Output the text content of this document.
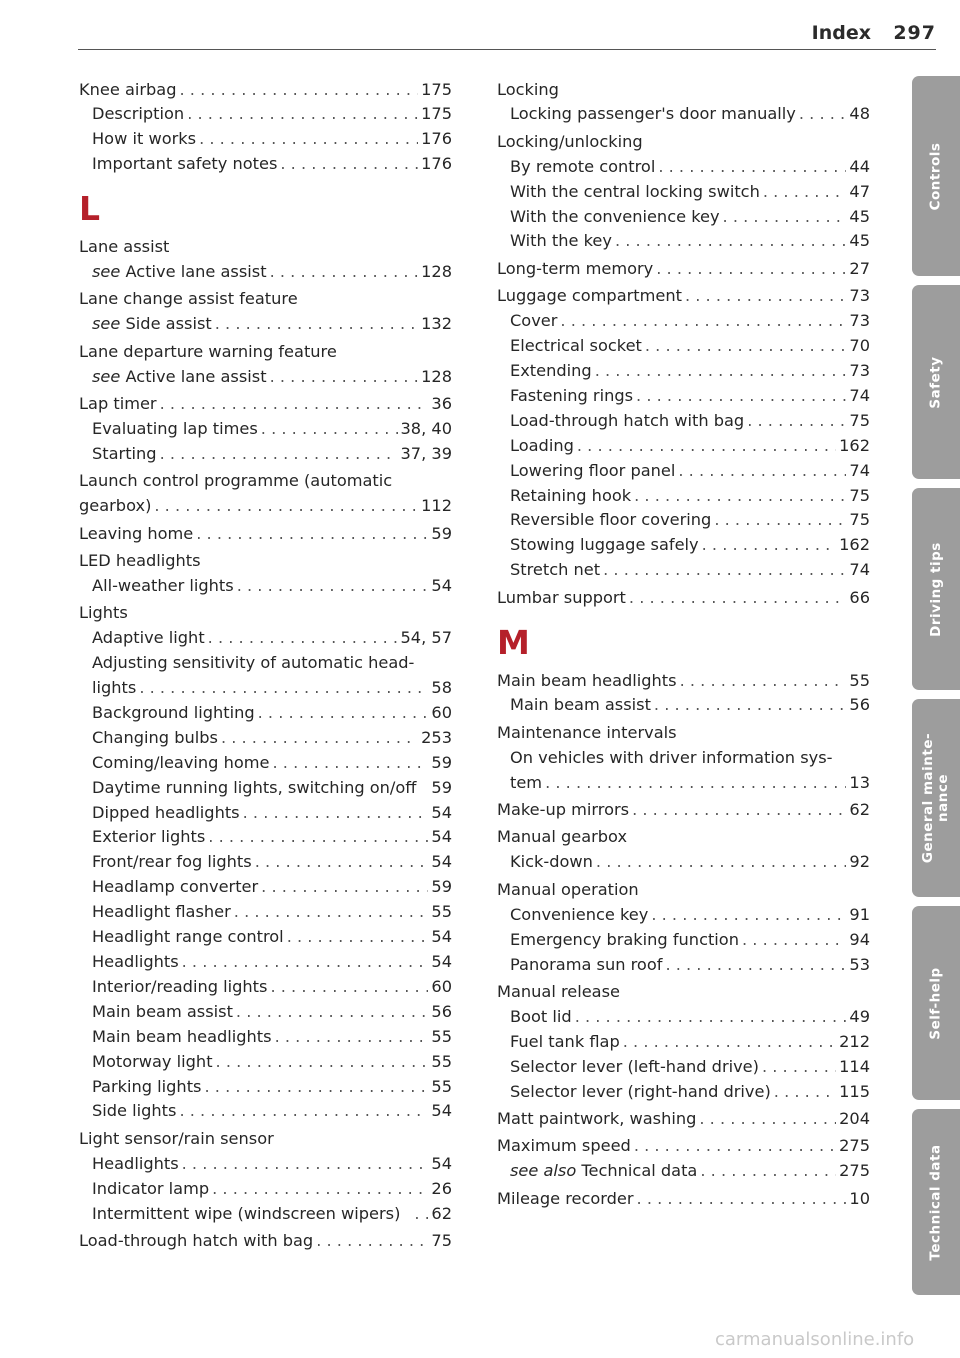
Index 297
Knee airbag . . .	175
Description . . .	175
How it works . . .	176
Important safety notes . . .	176
L
Lane assist
see Active lane assist . . .	128
Lane change assist feature
see Side assist . . .	132
Lane departure warning feature
see Active lane assist . . .	128
Lap timer . . .	36
Evaluating lap times . . .	38, 40
Starting . . .	37, 39
Launch control programme (automatic
gearbox) . . .	112
Leaving home . . .	59
LED headlights
All-weather lights . . .	54
Lights
Adaptive light . . .	54, 57
Adjusting sensitivity of automatic head-
lights . . .	58
Background lighting . . .	60
Changing bulbs . . .	253
Coming/leaving home . . .	59
Daytime running lights, switching on/off 59
Dipped headlights . . .	54
Exterior lights . . .	54
Front/rear fog lights . . .	54
Headlamp converter . . .	59
Headlight flasher . . .	55
Headlight range control . . .	54
Headlights . . .	54
Interior/reading lights . . .	60
Main beam assist . . .	56
Main beam headlights . . .	55
Motorway light . . .	55
Parking lights . . .	55
Side lights . . .	54
Light sensor/rain sensor
Headlights . . .	54
Indicator lamp . . .	26
Intermittent wipe (windscreen wipers) . . .	62
Load-through hatch with bag . . .	75
Locking
Locking passenger's door manually . . .	48
Locking/unlocking
By remote control . . .	44
With the central locking switch . . .	47
With the convenience key . . .	45
With the key . . .	45
Long-term memory . . .	27
Luggage compartment . . .	73
Cover . . .	73
Electrical socket . . .	70
Extending . . .	73
Fastening rings . . .	74
Load-through hatch with bag . . .	75
Loading . . .	162
Lowering floor panel . . .	74
Retaining hook . . .	75
Reversible floor covering . . .	75
Stowing luggage safely . . .	162
Stretch net . . .	74
Lumbar support . . .	66
M
Main beam headlights . . .	55
Main beam assist . . .	56
Maintenance intervals
On vehicles with driver information sys-
tem . . .	13
Make-up mirrors . . .	62
Manual gearbox
Kick-down . . .	92
Manual operation
Convenience key . . .	91
Emergency braking function . . .	94
Panorama sun roof . . .	53
Manual release
Boot lid . . .	49
Fuel tank flap . . .	212
Selector lever (left-hand drive) . . .	114
Selector lever (right-hand drive) . . .	115
Matt paintwork, washing . . .	204
Maximum speed . . .	275
see also Technical data . . .	275
Mileage recorder . . .	10
Controls
Safety
Driving tips
General mainte- nance
Self-help
Technical data
carmanualsonline.info
